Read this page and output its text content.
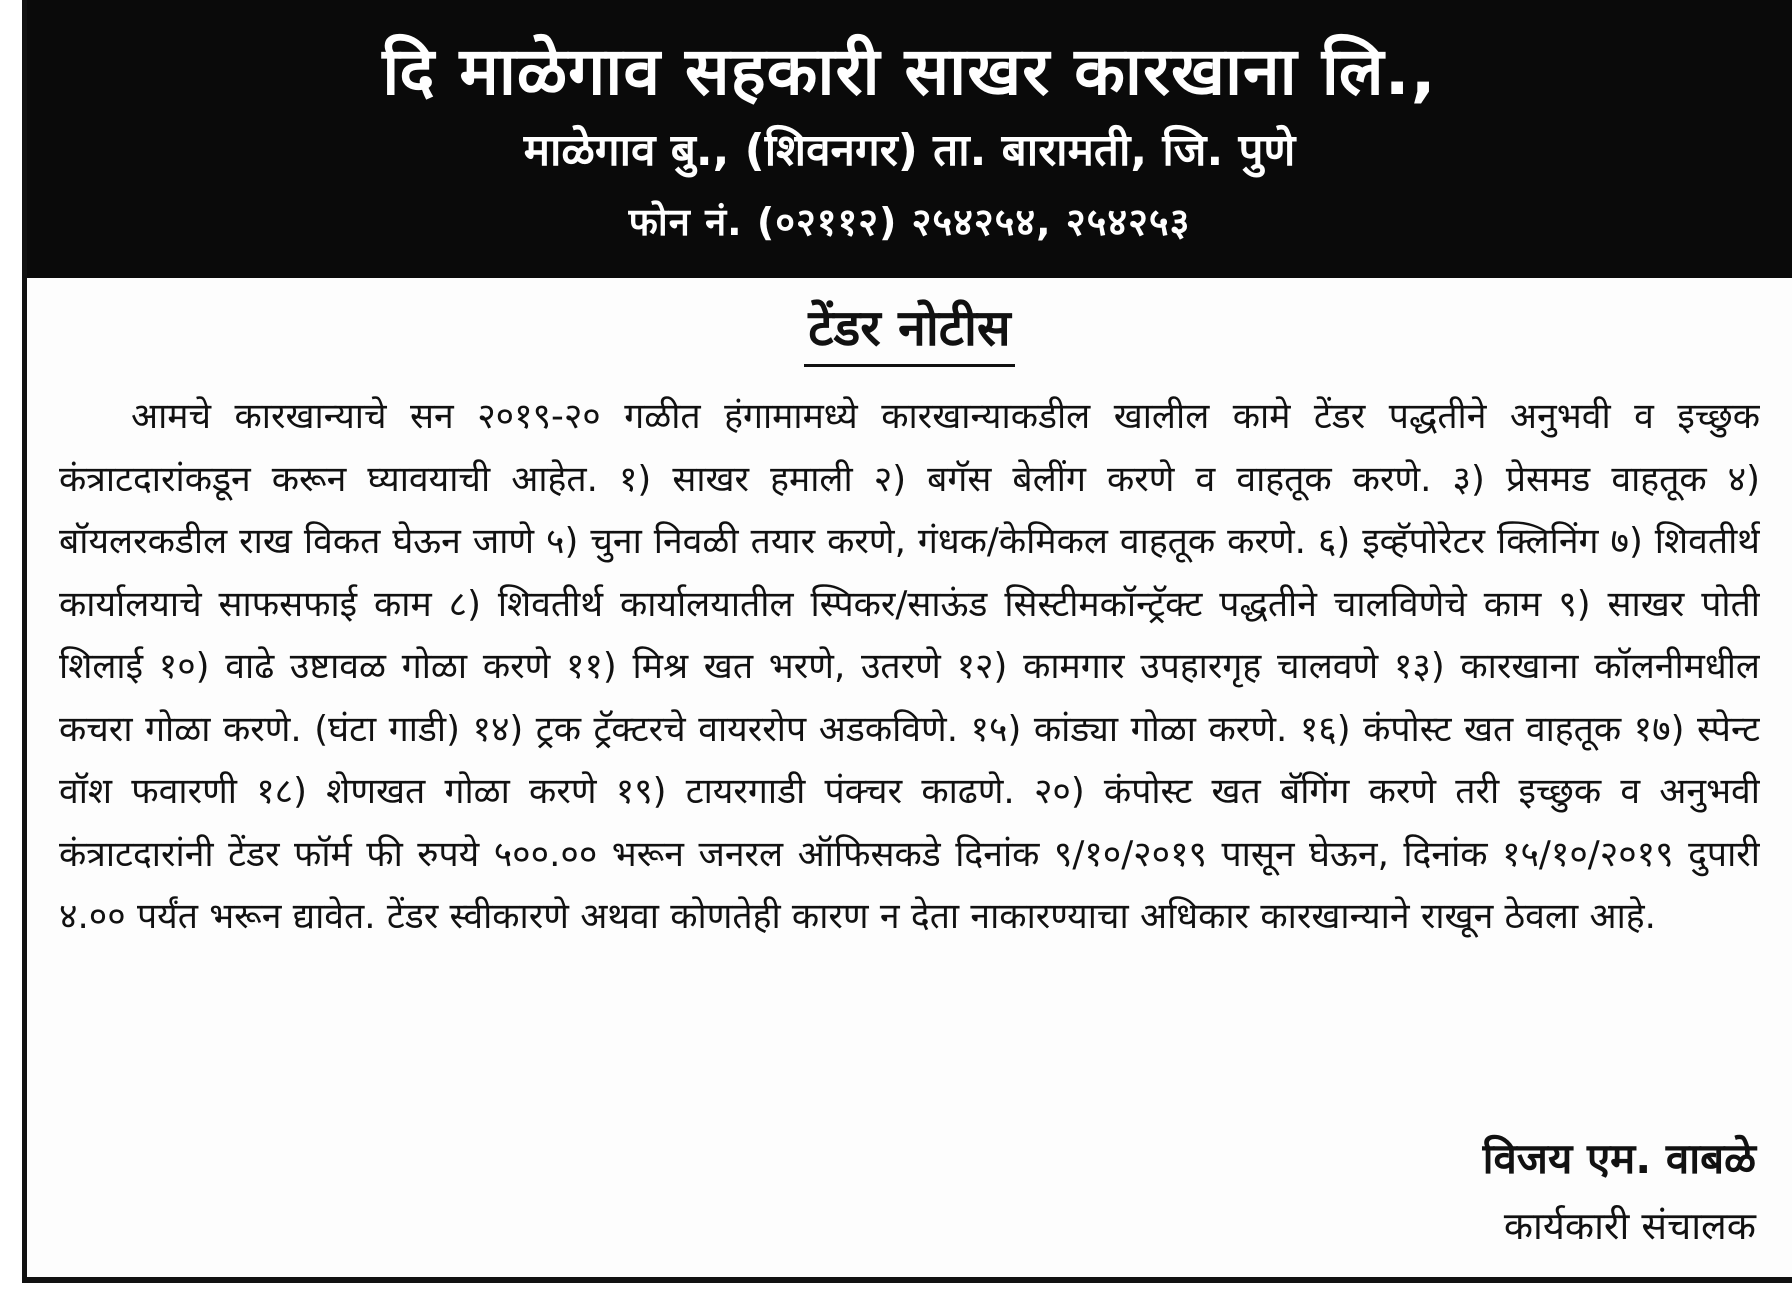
दि माळेगाव सहकारी साखर कारखाना लि.,
माळेगाव बु., (शिवनगर) ता. बारामती, जि. पुणे
फोन नं. (०२११२) २५४२५४, २५४२५३
टेंडर नोटीस

आमचे कारखान्याचे सन २०१९-२० गळीत हंगामामध्ये कारखान्याकडील खालील कामे टेंडर पद्धतीने अनुभवी व इच्छुक कंत्राटदारांकडून करून घ्यावयाची आहेत. १) साखर हमाली २) बगॅस बेलींग करणे व वाहतूक करणे. ३) प्रेसमड वाहतूक ४) बॉयलरकडील राख विकत घेऊन जाणे ५) चुना निवळी तयार करणे, गंधक/केमिकल वाहतूक करणे. ६) इव्हॅपोरेटर क्लिनिंग ७) शिवतीर्थ कार्यालयाचे साफसफाई काम ८) शिवतीर्थ कार्यालयातील स्पिकर/साऊंड सिस्टीमकॉन्ट्रॅक्ट पद्धतीने चालविणेचे काम ९) साखर पोती शिलाई १०) वाढे उष्टावळ गोळा करणे ११) मिश्र खत भरणे, उतरणे १२) कामगार उपहारगृह चालवणे १३) कारखाना कॉलनीमधील कचरा गोळा करणे. (घंटा गाडी) १४) ट्रक ट्रॅक्टरचे वायररोप अडकविणे. १५) कांड्या गोळा करणे. १६) कंपोस्ट खत वाहतूक १७) स्पेन्ट वॉश फवारणी १८) शेणखत गोळा करणे १९) टायरगाडी पंक्चर काढणे. २०) कंपोस्ट खत बॅगिंग करणे तरी इच्छुक व अनुभवी कंत्राटदारांनी टेंडर फॉर्म फी रुपये ५००.०० भरून जनरल ऑफिसकडे दिनांक ९/१०/२०१९ पासून घेऊन, दिनांक १५/१०/२०१९ दुपारी ४.०० पर्यंत भरून द्यावेत. टेंडर स्वीकारणे अथवा कोणतेही कारण न देता नाकारण्याचा अधिकार कारखान्याने राखून ठेवला आहे.

विजय एम. वाबळे
कार्यकारी संचालक
